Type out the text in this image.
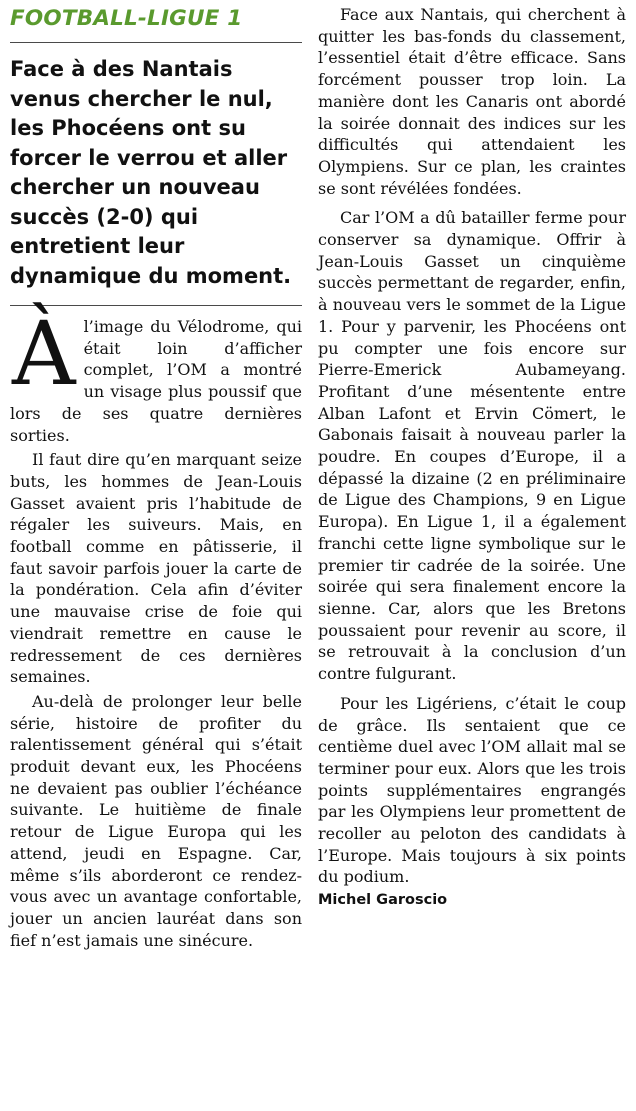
FOOTBALL-LIGUE 1
Face à des Nantais venus chercher le nul, les Phocéens ont su forcer le verrou et aller chercher un nouveau succès (2-0) qui entretient leur dynamique du moment.

Àl’image du Vélodrome, qui était loin d’afficher complet, l’OM a montré un visage plus poussif que lors de ses quatre dernières sorties.

Il faut dire qu’en marquant seize buts, les hommes de Jean-Louis Gasset avaient pris l’habitude de régaler les suiveurs. Mais, en football comme en pâtisserie, il faut savoir parfois jouer la carte de la pondération. Cela afin d’éviter une mauvaise crise de foie qui viendrait remettre en cause le redressement de ces dernières semaines.

Au-delà de prolonger leur belle série, histoire de profiter du ralentissement général qui s’était produit devant eux, les Phocéens ne devaient pas oublier l’échéance suivante. Le huitième de finale retour de Ligue Europa qui les attend, jeudi en Espagne. Car, même s’ils aborderont ce rendez-vous avec un avantage confortable, jouer un ancien lauréat dans son fief n’est jamais une sinécure.

Face aux Nantais, qui cherchent à quitter les bas-fonds du classement, l’essentiel était d’être efficace. Sans forcément pousser trop loin. La manière dont les Canaris ont abordé la soirée donnait des indices sur les difficultés qui attendaient les Olympiens. Sur ce plan, les craintes se sont révélées fondées.

Car l’OM a dû batailler ferme pour conserver sa dynamique. Offrir à Jean-Louis Gasset un cinquième succès permettant de regarder, enfin, à nouveau vers le sommet de la Ligue 1. Pour y parvenir, les Phocéens ont pu compter une fois encore sur Pierre-Emerick Aubameyang. Profitant d’une mésentente entre Alban Lafont et Ervin Cömert, le Gabonais faisait à nouveau parler la poudre. En coupes d’Europe, il a dépassé la dizaine (2 en préliminaire de Ligue des Champions, 9 en Ligue Europa). En Ligue 1, il a également franchi cette ligne symbolique sur le premier tir cadrée de la soirée. Une soirée qui sera finalement encore la sienne. Car, alors que les Bretons poussaient pour revenir au score, il se retrouvait à la conclusion d’un contre fulgurant.

Pour les Ligériens, c’était le coup de grâce. Ils sentaient que ce centième duel avec l’OM allait mal se terminer pour eux. Alors que les trois points supplémentaires engrangés par les Olympiens leur promettent de recoller au peloton des candidats à l’Europe. Mais toujours à six points du podium.

Michel Garoscio
